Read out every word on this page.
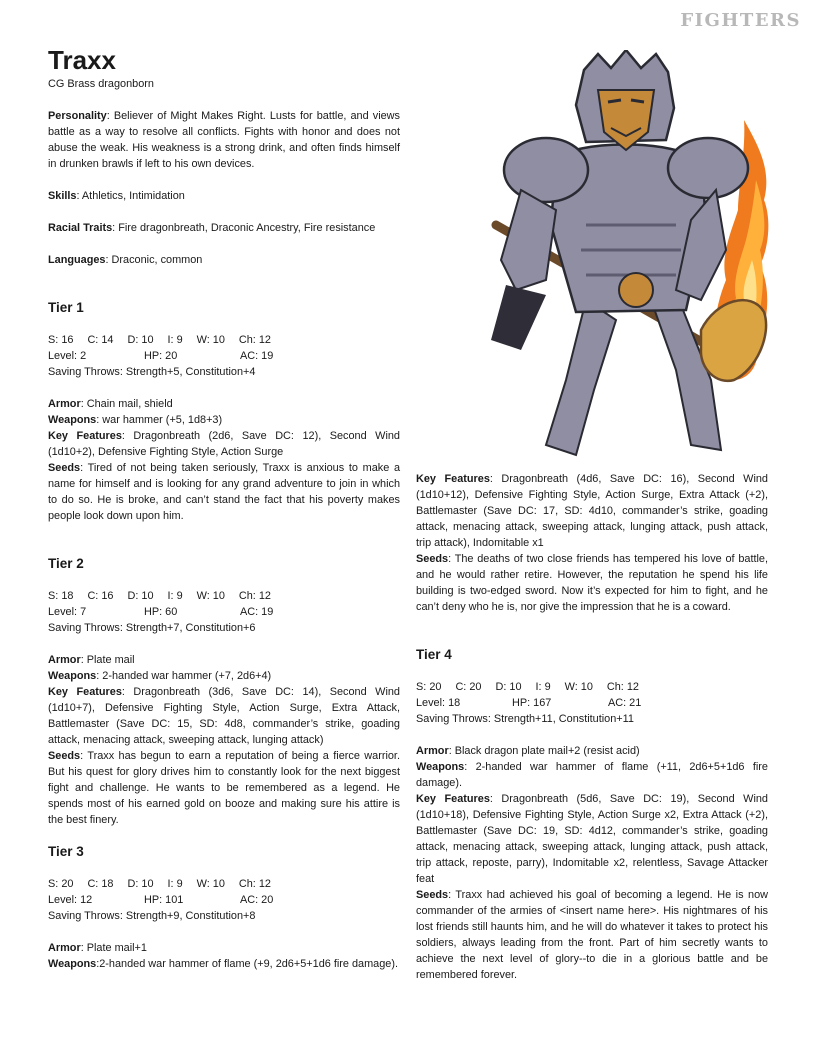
FIGHTERS
Traxx

CG Brass dragonborn

Personality: Believer of Might Makes Right. Lusts for battle, and views battle as a way to resolve all conflicts. Fights with honor and does not abuse the weak. His weakness is a strong drink, and often finds himself in drunken brawls if left to his own devices.

Skills: Athletics, Intimidation

Racial Traits: Fire dragonbreath, Draconic Ancestry, Fire resistance

Languages: Draconic, common

Tier 1
S: 16 C: 14 D: 10 I: 9 W: 10 Ch: 12
Level: 2	HP: 20	AC: 19
Saving Throws: Strength+5, Constitution+4

Armor: Chain mail, shield

Weapons: war hammer (+5, 1d8+3)

Key Features: Dragonbreath (2d6, Save DC: 12), Second Wind (1d10+2), Defensive Fighting Style, Action Surge

Seeds: Tired of not being taken seriously, Traxx is anxious to make a name for himself and is looking for any grand adventure to join in which to do so. He is broke, and can’t stand the fact that his poverty makes people look down upon him.

Tier 2
S: 18 C: 16 D: 10 I: 9 W: 10 Ch: 12
Level: 7	HP: 60	AC: 19
Saving Throws: Strength+7, Constitution+6

Armor: Plate mail

Weapons: 2-handed war hammer (+7, 2d6+4)

Key Features: Dragonbreath (3d6, Save DC: 14), Second Wind (1d10+7), Defensive Fighting Style, Action Surge, Extra Attack, Battlemaster (Save DC: 15, SD: 4d8, commander’s strike, goading attack, menacing attack, sweeping attack, lunging attack)

Seeds: Traxx has begun to earn a reputation of being a fierce warrior. But his quest for glory drives him to constantly look for the next biggest fight and challenge. He wants to be remembered as a legend. He spends most of his earned gold on booze and making sure his attire is the best finery.

Tier 3
S: 20 C: 18 D: 10 I: 9 W: 10 Ch: 12
Level: 12	HP: 101	AC: 20
Saving Throws: Strength+9, Constitution+8

Armor: Plate mail+1

Weapons:2-handed war hammer of flame (+9, 2d6+5+1d6 fire damage).

Key Features: Dragonbreath (4d6, Save DC: 16), Second Wind (1d10+12), Defensive Fighting Style, Action Surge, Extra Attack (+2), Battlemaster (Save DC: 17, SD: 4d10, commander’s strike, goading attack, menacing attack, sweeping attack, lunging attack, push attack, trip attack), Indomitable x1

Seeds: The deaths of two close friends has tempered his love of battle, and he would rather retire. However, the reputation he spend his life building is two-edged sword. Now it’s expected for him to fight, and he can’t deny who he is, nor give the impression that he is a coward.

Tier 4
S: 20 C: 20 D: 10 I: 9 W: 10 Ch: 12
Level: 18	HP: 167	AC: 21
Saving Throws: Strength+11, Constitution+11

Armor: Black dragon plate mail+2 (resist acid)

Weapons: 2-handed war hammer of flame (+11, 2d6+5+1d6 fire damage).

Key Features: Dragonbreath (5d6, Save DC: 19), Second Wind (1d10+18), Defensive Fighting Style, Action Surge x2, Extra Attack (+2), Battlemaster (Save DC: 19, SD: 4d12, commander’s strike, goading attack, menacing attack, sweeping attack, lunging attack, push attack, trip attack, reposte, parry), Indomitable x2, relentless, Savage Attacker feat

Seeds: Traxx had achieved his goal of becoming a legend. He is now commander of the armies of <insert name here>. His nightmares of his lost friends still haunts him, and he will do whatever it takes to protect his soldiers, always leading from the front. Part of him secretly wants to achieve the next level of glory--to die in a glorious battle and be remembered forever.
